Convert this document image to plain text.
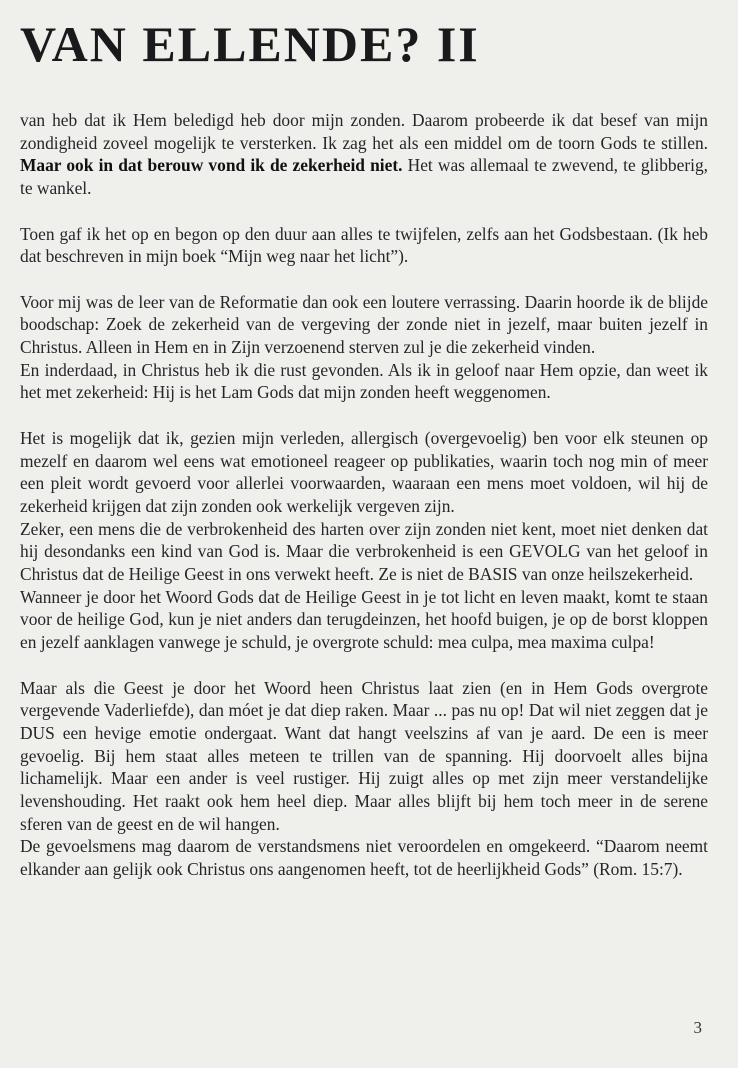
VAN ELLENDE? II

van heb dat ik Hem beledigd heb door mijn zonden. Daarom probeerde ik dat besef van mijn zondigheid zoveel mogelijk te versterken. Ik zag het als een middel om de toorn Gods te stillen. Maar ook in dat berouw vond ik de zekerheid niet. Het was allemaal te zwevend, te glibberig, te wankel.

Toen gaf ik het op en begon op den duur aan alles te twijfelen, zelfs aan het Godsbestaan. (Ik heb dat beschreven in mijn boek “Mijn weg naar het licht”).

Voor mij was de leer van de Reformatie dan ook een loutere verrassing. Daarin hoorde ik de blijde boodschap: Zoek de zekerheid van de vergeving der zonde niet in jezelf, maar buiten jezelf in Christus. Alleen in Hem en in Zijn verzoenend sterven zul je die zekerheid vinden.

En inderdaad, in Christus heb ik die rust gevonden. Als ik in geloof naar Hem opzie, dan weet ik het met zekerheid: Hij is het Lam Gods dat mijn zonden heeft weggenomen.

Het is mogelijk dat ik, gezien mijn verleden, allergisch (overgevoelig) ben voor elk steunen op mezelf en daarom wel eens wat emotioneel reageer op publikaties, waarin toch nog min of meer een pleit wordt gevoerd voor allerlei voorwaarden, waaraan een mens moet voldoen, wil hij de zekerheid krijgen dat zijn zonden ook werkelijk vergeven zijn.

Zeker, een mens die de verbrokenheid des harten over zijn zonden niet kent, moet niet denken dat hij desondanks een kind van God is. Maar die verbrokenheid is een GEVOLG van het geloof in Christus dat de Heilige Geest in ons verwekt heeft. Ze is niet de BASIS van onze heilszekerheid.

Wanneer je door het Woord Gods dat de Heilige Geest in je tot licht en leven maakt, komt te staan voor de heilige God, kun je niet anders dan terugdeinzen, het hoofd buigen, je op de borst kloppen en jezelf aanklagen vanwege je schuld, je overgrote schuld: mea culpa, mea maxima culpa!

Maar als die Geest je door het Woord heen Christus laat zien (en in Hem Gods overgrote vergevende Vaderliefde), dan móet je dat diep raken. Maar ... pas nu op! Dat wil niet zeggen dat je DUS een hevige emotie ondergaat. Want dat hangt veelszins af van je aard. De een is meer gevoelig. Bij hem staat alles meteen te trillen van de spanning. Hij doorvoelt alles bijna lichamelijk. Maar een ander is veel rustiger. Hij zuigt alles op met zijn meer verstandelijke levenshouding. Het raakt ook hem heel diep. Maar alles blijft bij hem toch meer in de serene sferen van de geest en de wil hangen.

De gevoelsmens mag daarom de verstandsmens niet veroordelen en omgekeerd. “Daarom neemt elkander aan gelijk ook Christus ons aangenomen heeft, tot de heerlijkheid Gods” (Rom. 15:7).

3
